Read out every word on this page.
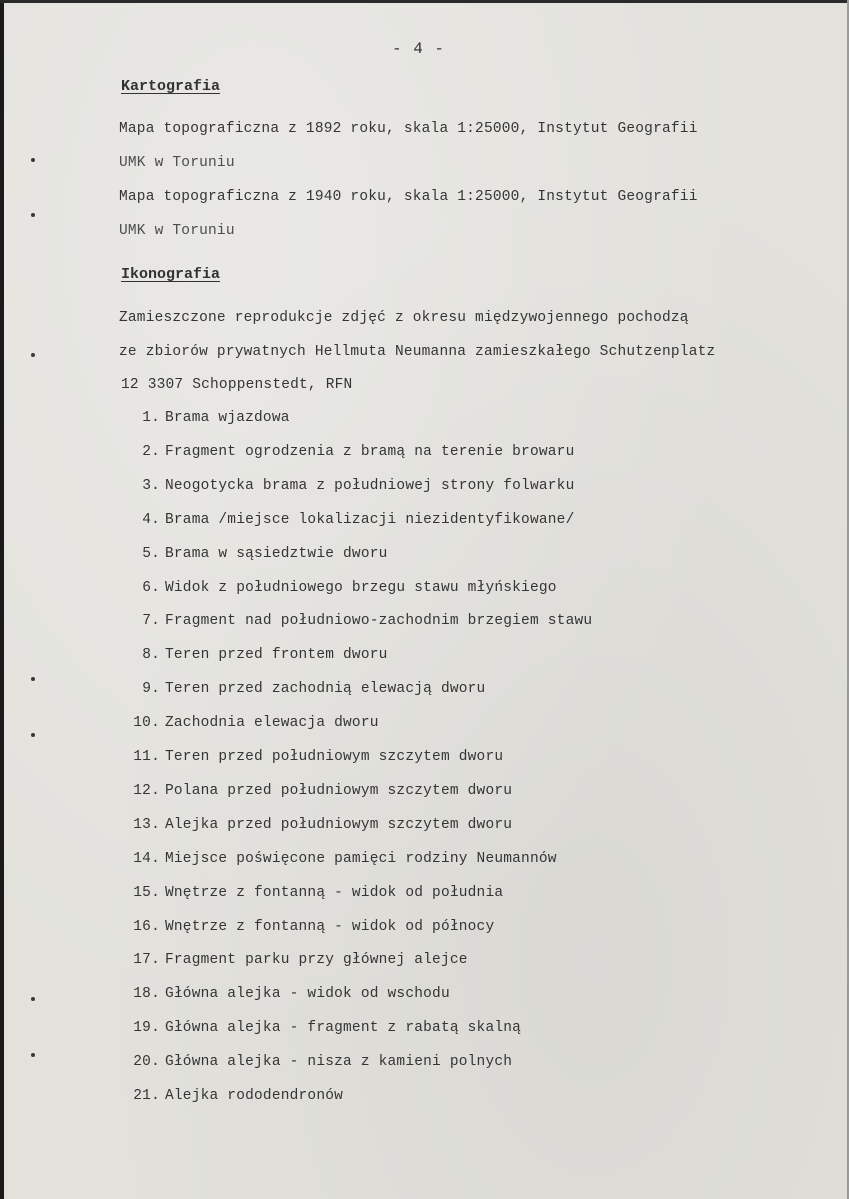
- 4 -
Kartografia
Mapa topograficzna z 1892 roku, skala 1:25000, Instytut Geografii
UMK w Toruniu
Mapa topograficzna z 1940 roku, skala 1:25000, Instytut Geografii
UMK w Toruniu
Ikonografia
Zamieszczone reprodukcje zdjęć z okresu międzywojennego pochodzą
ze zbiorów prywatnych Hellmuta Neumanna zamieszkałego Schutzenplatz
12 3307 Schoppenstedt, RFN
1. Brama wjazdowa
2. Fragment ogrodzenia z bramą na terenie browaru
3. Neogotycka brama z południowej strony folwarku
4. Brama /miejsce lokalizacji niezidentyfikowane/
5. Brama w sąsiedztwie dworu
6. Widok z południowego brzegu stawu młyńskiego
7. Fragment nad południowo-zachodnim brzegiem stawu
8. Teren przed frontem dworu
9. Teren przed zachodnią elewacją dworu
10. Zachodnia elewacja dworu
11. Teren przed południowym szczytem dworu
12. Polana przed południowym szczytem dworu
13. Alejka przed południowym szczytem dworu
14. Miejsce poświęcone pamięci rodziny Neumannów
15. Wnętrze z fontanną - widok od południa
16. Wnętrze z fontanną - widok od północy
17. Fragment parku przy głównej alejce
18. Główna alejka - widok od wschodu
19. Główna alejka - fragment z rabatą skalną
20. Główna alejka - nisza z kamieni polnych
21. Alejka rododendronów
